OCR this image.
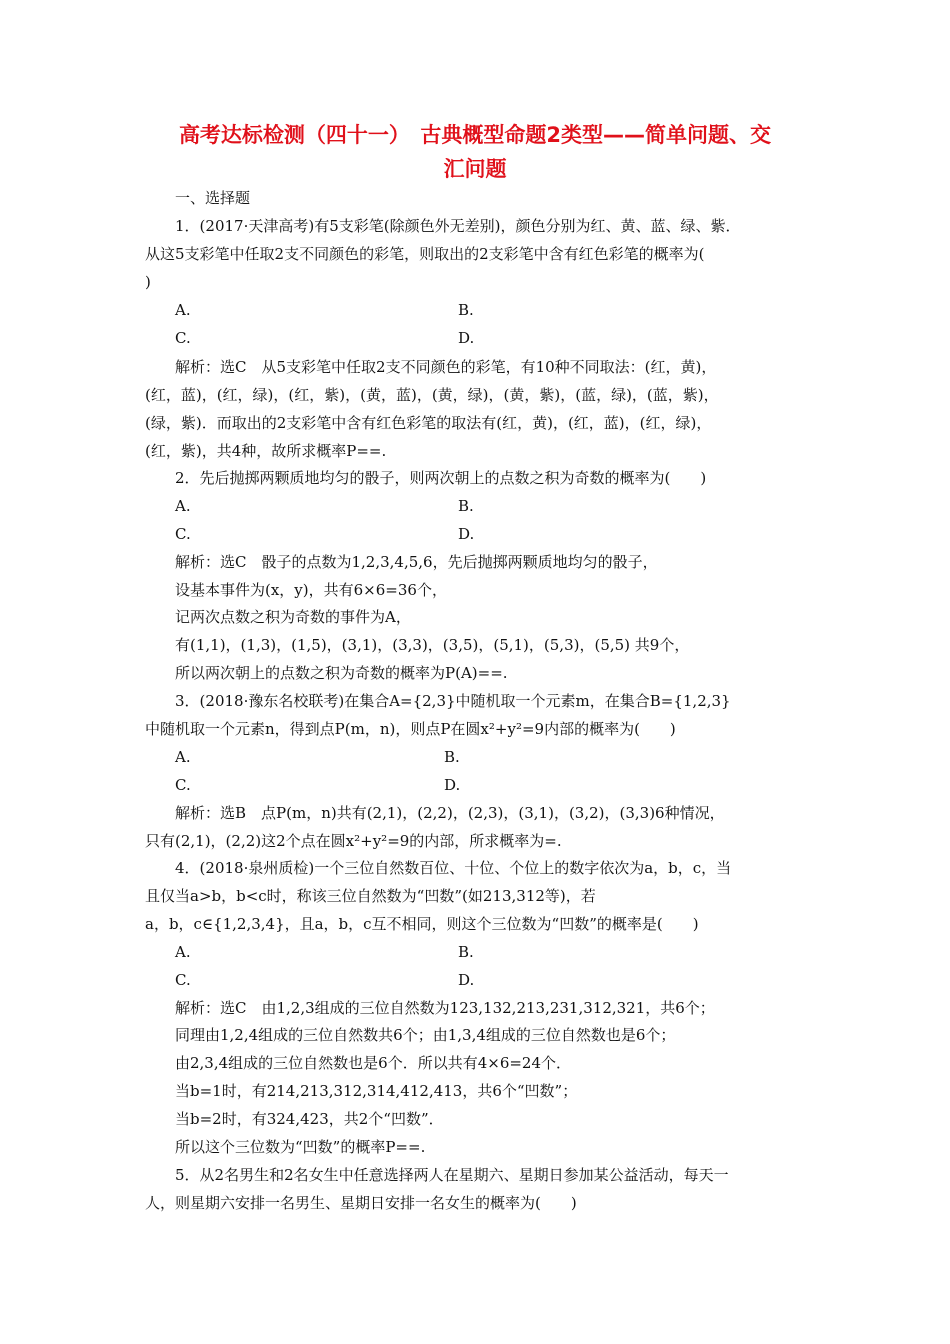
高考达标检测（四十一）　古典概型命题2类型——简单问题、交
汇问题
一、选择题
1．(2017·天津高考)有5支彩笔(除颜色外无差别)，颜色分别为红、黄、蓝、绿、紫．
从这5支彩笔中任取2支不同颜色的彩笔，则取出的2支彩笔中含有红色彩笔的概率为(
)
A.	B.
C.	D.
解析：选C　从5支彩笔中任取2支不同颜色的彩笔，有10种不同取法：(红，黄)，
(红，蓝)，(红，绿)，(红，紫)，(黄，蓝)，(黄，绿)，(黄，紫)，(蓝，绿)，(蓝，紫)，
(绿，紫)．而取出的2支彩笔中含有红色彩笔的取法有(红，黄)，(红，蓝)，(红，绿)，
(红，紫)，共4种，故所求概率P==.
2．先后抛掷两颗质地均匀的骰子，则两次朝上的点数之积为奇数的概率为(　　)
A.	B.
C.	D.
解析：选C　骰子的点数为1,2,3,4,5,6，先后抛掷两颗质地均匀的骰子，
设基本事件为(x，y)，共有6×6=36个，
记两次点数之积为奇数的事件为A，
有(1,1)，(1,3)，(1,5)，(3,1)，(3,3)，(3,5)，(5,1)，(5,3)，(5,5) 共9个，
所以两次朝上的点数之积为奇数的概率为P(A)==.
3．(2018·豫东名校联考)在集合A={2,3}中随机取一个元素m，在集合B={1,2,3}
中随机取一个元素n，得到点P(m，n)，则点P在圆x²+y²=9内部的概率为(　　)
A.	B.
C.	D.
解析：选B　点P(m，n)共有(2,1)，(2,2)，(2,3)，(3,1)，(3,2)，(3,3)6种情况，
只有(2,1)，(2,2)这2个点在圆x²+y²=9的内部，所求概率为=.
4．(2018·泉州质检)一个三位自然数百位、十位、个位上的数字依次为a，b，c，当
且仅当a>b，b<c时，称该三位自然数为“凹数”(如213,312等)，若
a，b，c∈{1,2,3,4}，且a，b，c互不相同，则这个三位数为“凹数”的概率是(　　)
A.	B.
C.	D.
解析：选C　由1,2,3组成的三位自然数为123,132,213,231,312,321，共6个；
同理由1,2,4组成的三位自然数共6个；由1,3,4组成的三位自然数也是6个；
由2,3,4组成的三位自然数也是6个．所以共有4×6=24个．
当b=1时，有214,213,312,314,412,413，共6个“凹数”；
当b=2时，有324,423，共2个“凹数”．
所以这个三位数为“凹数”的概率P==.
5．从2名男生和2名女生中任意选择两人在星期六、星期日参加某公益活动，每天一
人，则星期六安排一名男生、星期日安排一名女生的概率为(　　)
